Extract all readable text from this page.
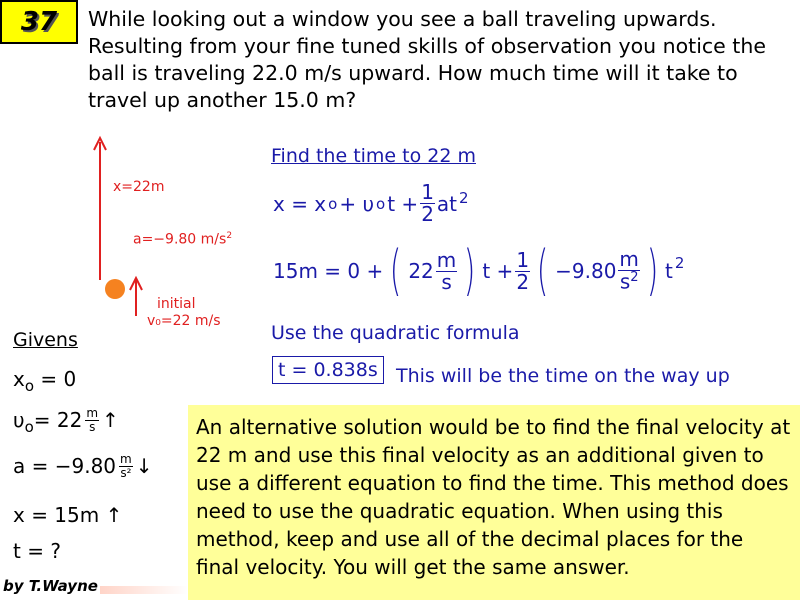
37 While looking out a window you see a ball traveling upwards. Resulting from your fine tuned skills of observation you notice the ball is traveling 22.0 m/s upward. How much time will it take to travel up another 15.0 m?
x=22m
a=−9.80 $m/s^2$
initial
v₀=22 m/s
Find the time to 22 m
x = x o + υ o $t + \frac{1}{2} at^2$
15m = 0 + ( $22 \frac{m}{s}$ ) $t + \frac{1}{2}$ ( $-9.80 \frac{m}{s^2}$ ) $t^2$
Use the quadratic formula
t = 0.838s This will be the time on the way up
Givens
$x_o = 0$
$\upsilon_o = 22 \frac{m}{s}$ ↑
$a = -9.80 \frac{m}{\text{s²}}$ ↓
x = 15m ↑
t = ?
An alternative solution would be to find the final velocity at 22 m and use this final velocity as an additional given to use a different equation to find the time. This method does need to use the quadratic equation. When using this method, keep and use all of the decimal places for the final velocity. You will get the same answer.
by T.Wayne
